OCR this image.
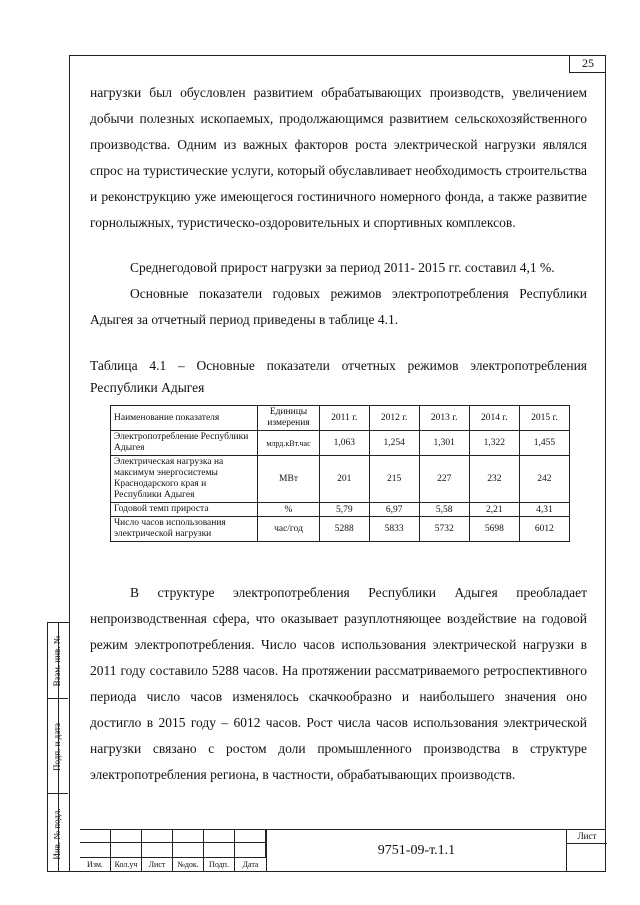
25
Взам. инв. №
Подп. и дата
Инв. № подл.
нагрузки был обусловлен развитием обрабатывающих производств, увеличением добычи полезных ископаемых, продолжающимся развитием сельскохозяйственного производства. Одним из важных факторов роста электрической нагрузки являлся спрос на туристические услуги, который обуславливает необходимость строительства и реконструкцию уже имеющегося гостиничного номерного фонда, а также развитие горнолыжных, туристическо-оздоровительных и спортивных комплексов.
Среднегодовой прирост нагрузки за период 2011- 2015 гг. составил 4,1 %.
Основные показатели годовых режимов электропотребления Республики Адыгея за отчетный период приведены в таблице 4.1.
Таблица 4.1 – Основные показатели отчетных режимов электропотребления Республики Адыгея
Наименование показателя	Единицы измерения	2011 г.	2012 г.	2013 г.	2014 г.	2015 г.
Электропотребление Республики Адыгея	млрд.кВт.час	1,063	1,254	1,301	1,322	1,455
Электрическая нагрузка на максимум энергосистемы Краснодарского края и Республики Адыгея	МВт	201	215	227	232	242
Годовой темп прироста	%	5,79	6,97	5,58	2,21	4,31
Число часов использования электрической нагрузки	час/год	5288	5833	5732	5698	6012
В структуре электропотребления Республики Адыгея преобладает непроизводственная сфера, что оказывает разуплотняющее воздействие на годовой режим электропотребления. Число часов использования электрической нагрузки в 2011 году составило 5288 часов. На протяжении рассматриваемого ретроспективного периода число часов изменялось скачкообразно и наибольшего значения оно достигло в 2015 году – 6012 часов. Рост числа часов использования электрической нагрузки связано с ростом доли промышленного производства в структуре электропотребления региона, в частности, обрабатывающих производств.
Изм.	Кол.уч	Лист	№док.	Подп.	Дата
9751-09-т.1.1
Лист
